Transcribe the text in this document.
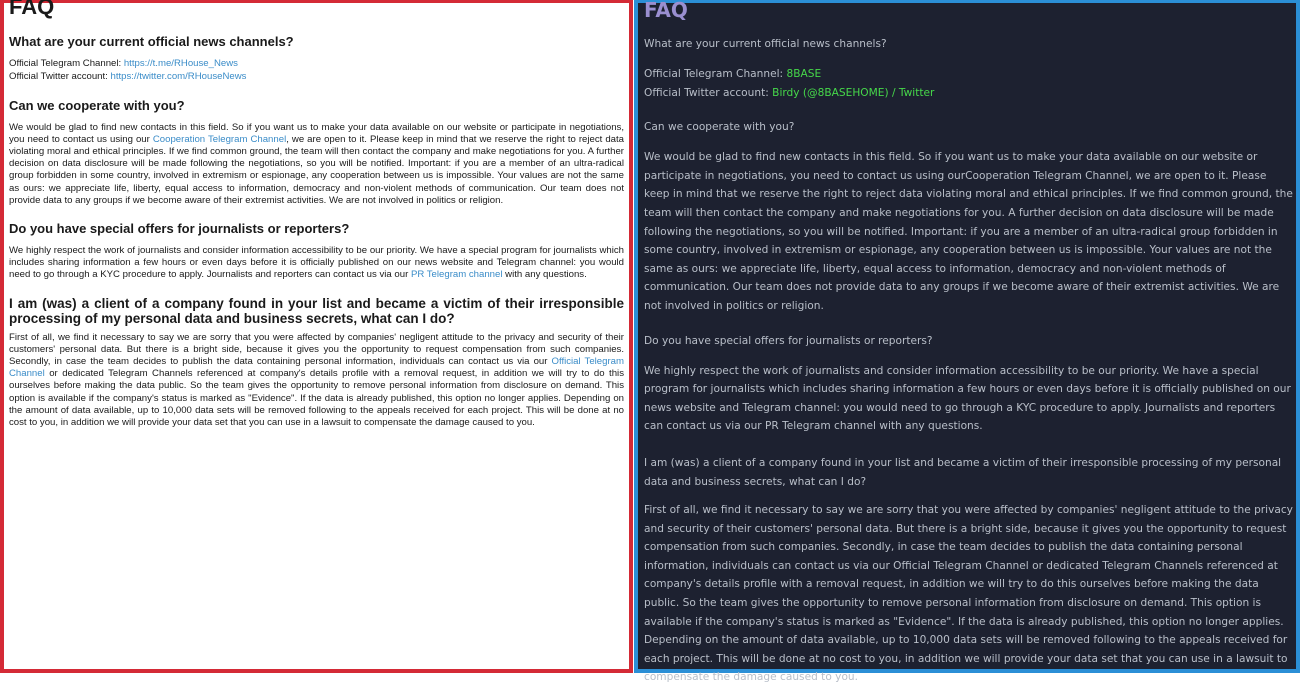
FAQ
What are your current official news channels?
Official Telegram Channel: https://t.me/RHouse_News
Official Twitter account: https://twitter.com/RHouseNews
Can we cooperate with you?

We would be glad to find new contacts in this field. So if you want us to make your data available on our website or participate in negotiations, you need to contact us using our Cooperation Telegram Channel, we are open to it. Please keep in mind that we reserve the right to reject data violating moral and ethical principles. If we find common ground, the team will then contact the company and make negotiations for you. A further decision on data disclosure will be made following the negotiations, so you will be notified. Important: if you are a member of an ultra-radical group forbidden in some country, involved in extremism or espionage, any cooperation between us is impossible. Your values are not the same as ours: we appreciate life, liberty, equal access to information, democracy and non-violent methods of communication. Our team does not provide data to any groups if we become aware of their extremist activities. We are not involved in politics or religion.

Do you have special offers for journalists or reporters?

We highly respect the work of journalists and consider information accessibility to be our priority. We have a special program for journalists which includes sharing information a few hours or even days before it is officially published on our news website and Telegram channel: you would need to go through a KYC procedure to apply. Journalists and reporters can contact us via our PR Telegram channel with any questions.

I am (was) a client of a company found in your list and became a victim of their irresponsible processing of my personal data and business secrets, what can I do?

First of all, we find it necessary to say we are sorry that you were affected by companies' negligent attitude to the privacy and security of their customers' personal data. But there is a bright side, because it gives you the opportunity to request compensation from such companies. Secondly, in case the team decides to publish the data containing personal information, individuals can contact us via our Official Telegram Channel or dedicated Telegram Channels referenced at company's details profile with a removal request, in addition we will try to do this ourselves before making the data public. So the team gives the opportunity to remove personal information from disclosure on demand. This option is available if the company's status is marked as "Evidence". If the data is already published, this option no longer applies. Depending on the amount of data available, up to 10,000 data sets will be removed following to the appeals received for each project. This will be done at no cost to you, in addition we will provide your data set that you can use in a lawsuit to compensate the damage caused to you.

FAQ
What are your current official news channels?
Official Telegram Channel: 8BASE
Official Twitter account: Birdy (@8BASEHOME) / Twitter
Can we cooperate with you?

We would be glad to find new contacts in this field. So if you want us to make your data available on our website or participate in negotiations, you need to contact us using ourCooperation Telegram Channel, we are open to it. Please keep in mind that we reserve the right to reject data violating moral and ethical principles. If we find common ground, the team will then contact the company and make negotiations for you. A further decision on data disclosure will be made following the negotiations, so you will be notified. Important: if you are a member of an ultra-radical group forbidden in some country, involved in extremism or espionage, any cooperation between us is impossible. Your values are not the same as ours: we appreciate life, liberty, equal access to information, democracy and non-violent methods of communication. Our team does not provide data to any groups if we become aware of their extremist activities. We are not involved in politics or religion.

Do you have special offers for journalists or reporters?

We highly respect the work of journalists and consider information accessibility to be our priority. We have a special program for journalists which includes sharing information a few hours or even days before it is officially published on our news website and Telegram channel: you would need to go through a KYC procedure to apply. Journalists and reporters can contact us via our PR Telegram channel with any questions.

I am (was) a client of a company found in your list and became a victim of their irresponsible processing of my personal data and business secrets, what can I do?

First of all, we find it necessary to say we are sorry that you were affected by companies' negligent attitude to the privacy and security of their customers' personal data. But there is a bright side, because it gives you the opportunity to request compensation from such companies. Secondly, in case the team decides to publish the data containing personal information, individuals can contact us via our Official Telegram Channel or dedicated Telegram Channels referenced at company's details profile with a removal request, in addition we will try to do this ourselves before making the data public. So the team gives the opportunity to remove personal information from disclosure on demand. This option is available if the company's status is marked as "Evidence". If the data is already published, this option no longer applies. Depending on the amount of data available, up to 10,000 data sets will be removed following to the appeals received for each project. This will be done at no cost to you, in addition we will provide your data set that you can use in a lawsuit to compensate the damage caused to you.
